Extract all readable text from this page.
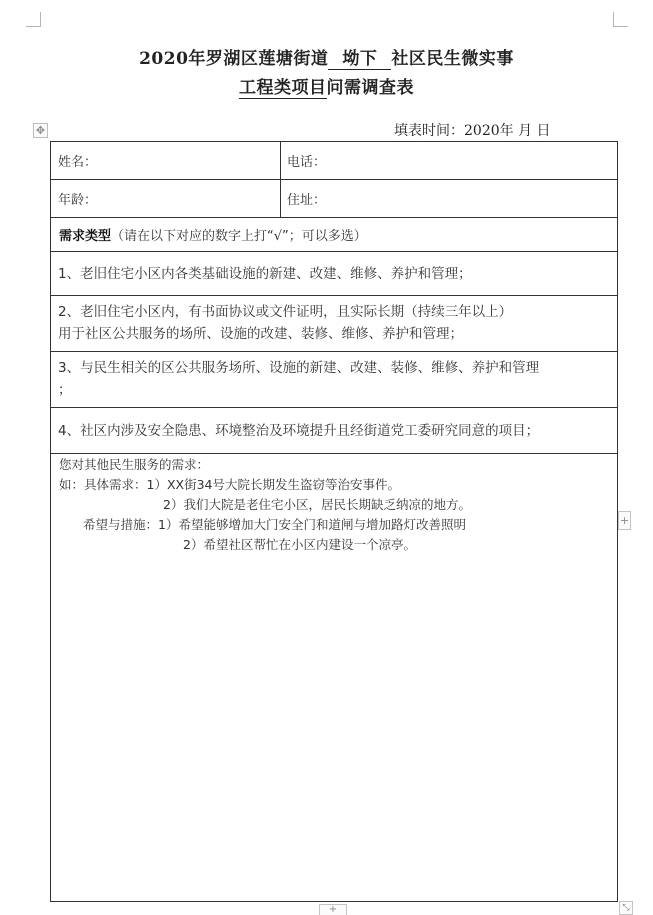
2020年罗湖区莲塘街道 坳下 社区民生微实事
工程类项目问需调查表
✥	填表时间：2020年 月 日
姓名：	电话：
年龄：	住址：
需求类型（请在以下对应的数字上打“√”；可以多选）
1、老旧住宅小区内各类基础设施的新建、改建、维修、养护和管理；
2、老旧住宅小区内，有书面协议或文件证明，且实际长期（持续三年以上）
用于社区公共服务的场所、设施的改建、装修、维修、养护和管理；
3、与民生相关的区公共服务场所、设施的新建、改建、装修、维修、养护和管理
；
4、社区内涉及安全隐患、环境整治及环境提升且经街道党工委研究同意的项目；
您对其他民生服务的需求：
如：具体需求：1）XX街34号大院长期发生盗窃等治安事件。
2）我们大院是老住宅小区，居民长期缺乏纳凉的地方。
希望与措施：1）希望能够增加大门安全门和道闸与增加路灯改善照明
2）希望社区帮忙在小区内建设一个凉亭。
+
+	⤡
